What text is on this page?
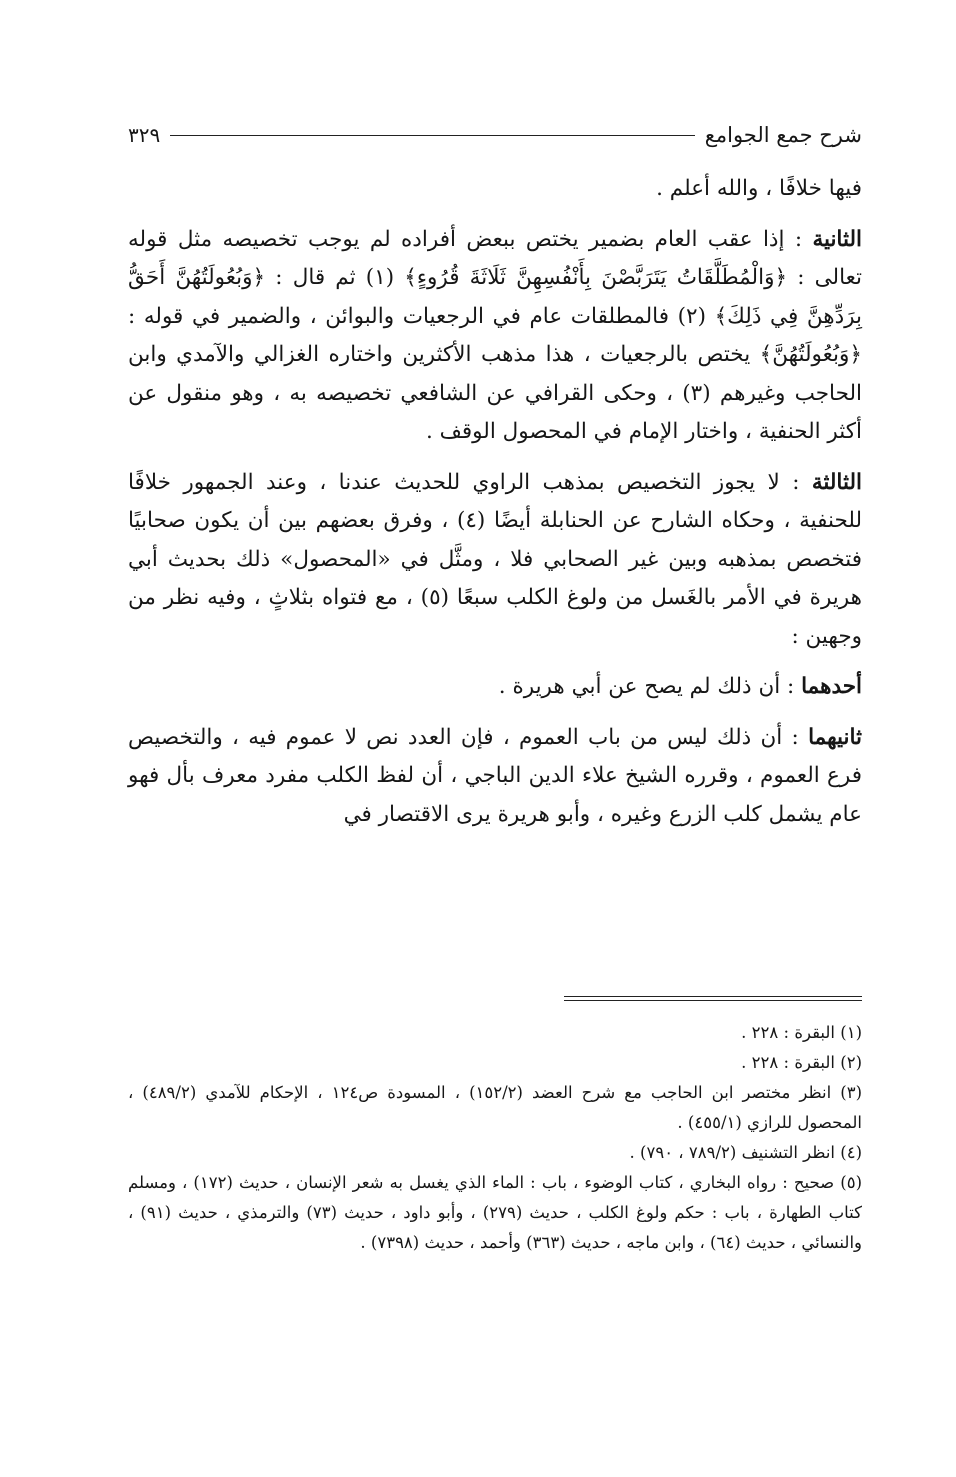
شرح جمع الجوامع
٣٢٩

فيها خلافًا ، والله أعلم .

الثانية : إذا عقب العام بضمير يختص ببعض أفراده لم يوجب تخصيصه مثل قوله تعالى : ﴿وَالْمُطَلَّقَاتُ يَتَرَبَّصْنَ بِأَنْفُسِهِنَّ ثَلَاثَةَ قُرُوءٍ﴾ (١) ثم قال : ﴿وَبُعُولَتُهُنَّ أَحَقُّ بِرَدِّهِنَّ فِي ذَلِكَ﴾ (٢) فالمطلقات عام في الرجعيات والبوائن ، والضمير في قوله : ﴿وَبُعُولَتُهُنَّ﴾ يختص بالرجعيات ، هذا مذهب الأكثرين واختاره الغزالي والآمدي وابن الحاجب وغيرهم (٣) ، وحكى القرافي عن الشافعي تخصيصه به ، وهو منقول عن أكثر الحنفية ، واختار الإمام في المحصول الوقف .

الثالثة : لا يجوز التخصيص بمذهب الراوي للحديث عندنا ، وعند الجمهور خلافًا للحنفية ، وحكاه الشارح عن الحنابلة أيضًا (٤) ، وفرق بعضهم بين أن يكون صحابيًا فتخصص بمذهبه وبين غير الصحابي فلا ، ومثَّل في «المحصول» ذلك بحديث أبي هريرة في الأمر بالغَسل من ولوغ الكلب سبعًا (٥) ، مع فتواه بثلاثٍ ، وفيه نظر من وجهين :

أحدهما : أن ذلك لم يصح عن أبي هريرة .

ثانيهما : أن ذلك ليس من باب العموم ، فإن العدد نص لا عموم فيه ، والتخصيص فرع العموم ، وقرره الشيخ علاء الدين الباجي ، أن لفظ الكلب مفرد معرف بأل فهو عام يشمل كلب الزرع وغيره ، وأبو هريرة يرى الاقتصار في

(١) البقرة : ٢٢٨ .

(٢) البقرة : ٢٢٨ .

(٣) انظر مختصر ابن الحاجب مع شرح العضد (١٥٢/٢) ، المسودة ص١٢٤ ، الإحكام للآمدي (٤٨٩/٢) ، المحصول للرازي (٤٥٥/١) .

(٤) انظر التشنيف (٧٨٩/٢ ، ٧٩٠) .

(٥) صحيح : رواه البخاري ، كتاب الوضوء ، باب : الماء الذي يغسل به شعر الإنسان ، حديث (١٧٢) ، ومسلم كتاب الطهارة ، باب : حكم ولوغ الكلب ، حديث (٢٧٩) ، وأبو داود ، حديث (٧٣) والترمذي ، حديث (٩١) ، والنسائي ، حديث (٦٤) ، وابن ماجه ، حديث (٣٦٣) وأحمد ، حديث (٧٣٩٨) .
